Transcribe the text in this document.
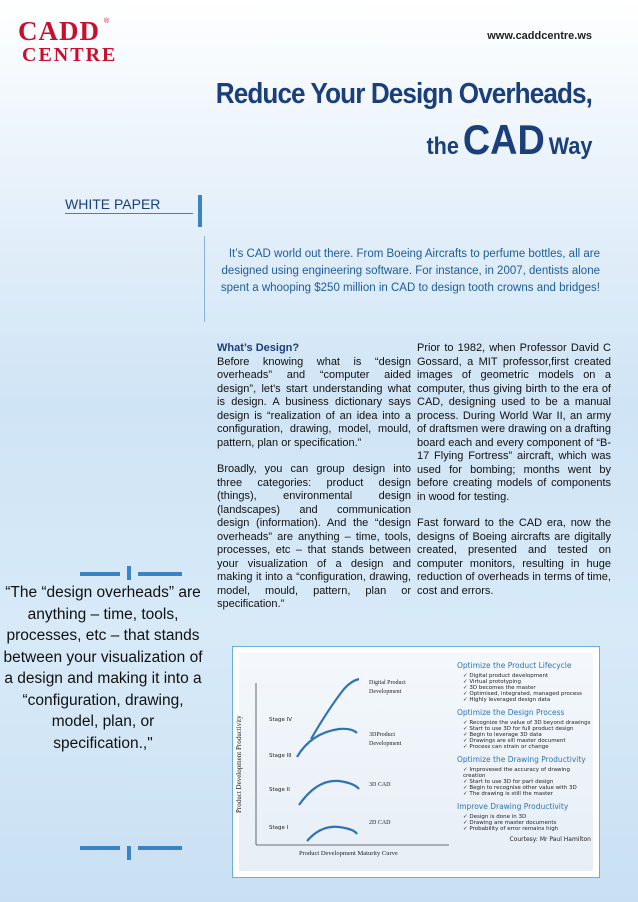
CADD
CENTRE
®
www.caddcentre.ws
Reduce Your Design Overheads,
the CAD Way
WHITE PAPER
It’s CAD world out there. From Boeing Aircrafts to perfume bottles, all are designed using engineering software. For instance, in 2007, dentists alone spent a whooping $250 million in CAD to design tooth crowns and bridges!

What’s Design?
Before knowing what is “design overheads” and “computer aided design”, let's start understanding what is design. A business dictionary says design is “realization of an idea into a configuration, drawing, model, mould, pattern, plan or specification.”

Broadly, you can group design into three categories: product design (things), environmental design (landscapes) and communication design (information). And the “design overheads” are anything – time, tools, processes, etc – that stands between your visualization of a design and making it into a “configuration, drawing, model, mould, pattern, plan or specification.”

Prior to 1982, when Professor David C Gossard, a MIT professor,first created images of geometric models on a computer, thus giving birth to the era of CAD, designing used to be a manual process. During World War II, an army of draftsmen were drawing on a drafting board each and every component of “B-17 Flying Fortress” aircraft, which was used for bombing; months went by before creating models of components in wood for testing.

Fast forward to the CAD era, now the designs of Boeing aircrafts are digitally created, presented and tested on computer monitors, resulting in huge reduction of overheads in terms of time, cost and errors.

“The “design overheads” are anything – time, tools, processes, etc – that stands between your visualization of a design and making it into a “configuration, drawing, model, plan, or specification.,"	Product Development Productivity
Product Development Maturity Curve
Stage I
Stage II
Stage III
Stage IV
2D CAD
3D CAD
3DProduct Development
Digital Product Development
Optimize the Product Lifecycle
✓ Digital product development
✓ Virtual prototyping
✓ 3D becomes the master
✓ Optimised, integrated, managed process
✓ Highly leveraged design data
Optimize the Design Process
✓ Recognize the value of 3D beyond drawings
✓ Start to use 3D for full product design
✓ Begin to leverage 3D data
✓ Drawings are sill master document
✓ Process can strain or change
Optimize the Drawing Productivity
✓ Improvesed the accuracy of drawing creation
✓ Start to use 3D for part design
✓ Begin to recognise other value with 3D
✓ The drawing is still the master
Improve Drawing Productivity
✓ Design is done in 3D
✓ Drawing are master documents
✓ Probability of error remains high
Courtesy: Mr Paul Hamilton
